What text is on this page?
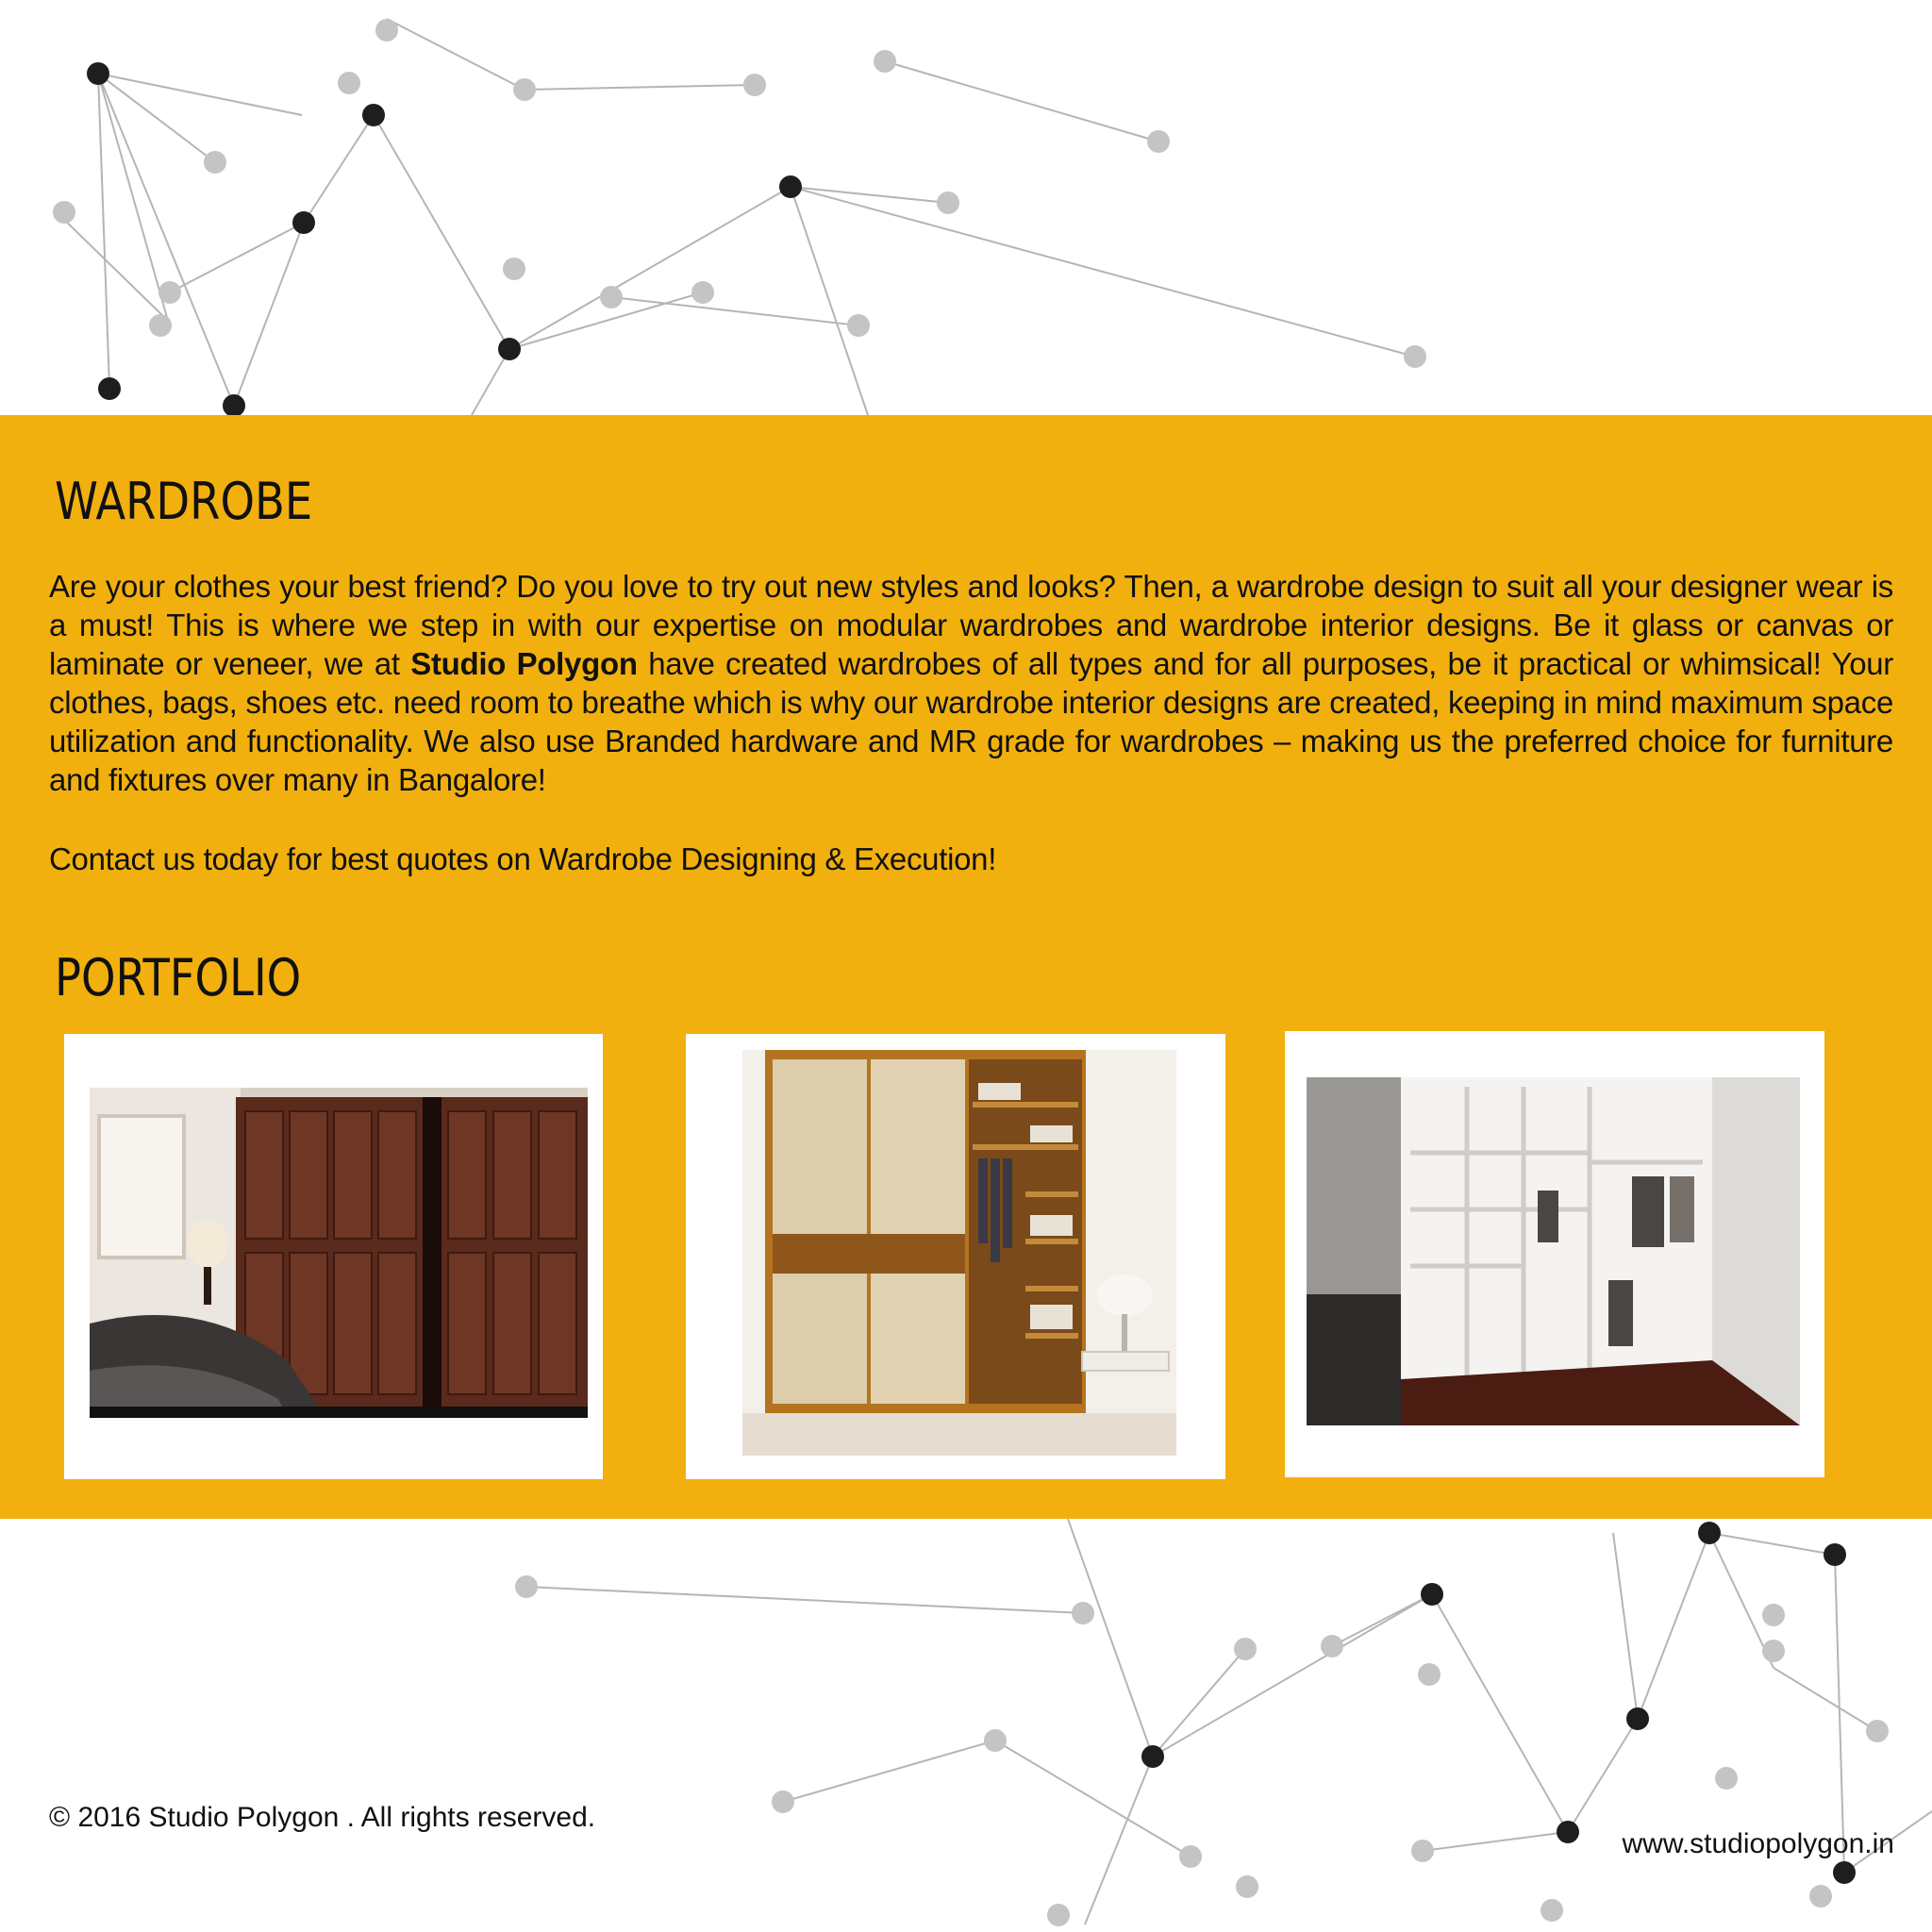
WARDROBE

Are your clothes your best friend? Do you love to try out new styles and looks? Then, a wardrobe design to suit all your designer wear is a must! This is where we step in with our expertise on modular wardrobes and wardrobe interior designs. Be it glass or canvas or laminate or veneer, we at Studio Polygon have created wardrobes of all types and for all purposes, be it practical or whimsical! Your clothes, bags, shoes etc. need room to breathe which is why our wardrobe interior designs are created, keeping in mind maximum space utilization and functionality. We also use Branded hardware and MR grade for wardrobes – making us the preferred choice for furniture and fixtures over many in Bangalore!

Contact us today for best quotes on Wardrobe Designing & Execution!

PORTFOLIO
© 2016 Studio Polygon . All rights reserved.
www.studiopolygon.in
